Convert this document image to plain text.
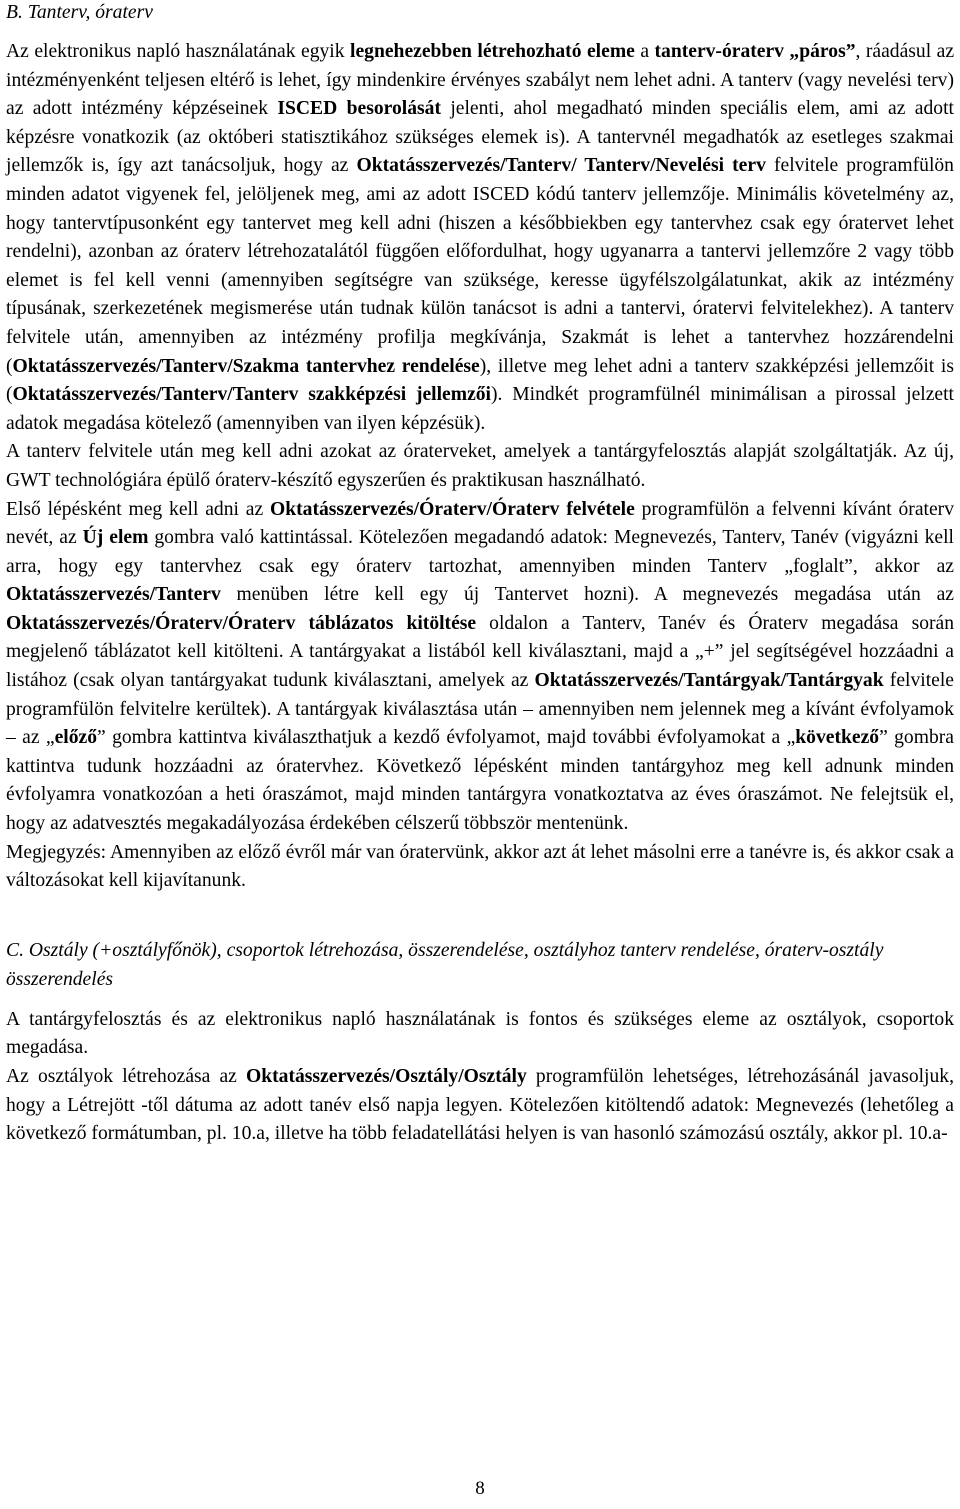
B. Tanterv, óraterv

Az elektronikus napló használatának egyik legnehezebben létrehozható eleme a tanterv-óraterv „páros”, ráadásul az intézményenként teljesen eltérő is lehet, így mindenkire érvényes szabályt nem lehet adni. A tanterv (vagy nevelési terv) az adott intézmény képzéseinek ISCED besorolását jelenti, ahol megadható minden speciális elem, ami az adott képzésre vonatkozik (az októberi statisztikához szükséges elemek is). A tantervnél megadhatók az esetleges szakmai jellemzők is, így azt tanácsoljuk, hogy az Oktatásszervezés/Tanterv/ Tanterv/Nevelési terv felvitele programfülön minden adatot vigyenek fel, jelöljenek meg, ami az adott ISCED kódú tanterv jellemzője. Minimális követelmény az, hogy tantervtípusonként egy tantervet meg kell adni (hiszen a későbbiekben egy tantervhez csak egy óratervet lehet rendelni), azonban az óraterv létrehozatalától függően előfordulhat, hogy ugyanarra a tantervi jellemzőre 2 vagy több elemet is fel kell venni (amennyiben segítségre van szüksége, keresse ügyfélszolgálatunkat, akik az intézmény típusának, szerkezetének megismerése után tudnak külön tanácsot is adni a tantervi, óratervi felvitelekhez). A tanterv felvitele után, amennyiben az intézmény profilja megkívánja, Szakmát is lehet a tantervhez hozzárendelni (Oktatásszervezés/Tanterv/Szakma tantervhez rendelése), illetve meg lehet adni a tanterv szakképzési jellemzőit is (Oktatásszervezés/Tanterv/Tanterv szakképzési jellemzői). Mindkét programfülnél minimálisan a pirossal jelzett adatok megadása kötelező (amennyiben van ilyen képzésük).

A tanterv felvitele után meg kell adni azokat az óraterveket, amelyek a tantárgyfelosztás alapját szolgáltatják. Az új, GWT technológiára épülő óraterv-készítő egyszerűen és praktikusan használható.

Első lépésként meg kell adni az Oktatásszervezés/Óraterv/Óraterv felvétele programfülön a felvenni kívánt óraterv nevét, az Új elem gombra való kattintással. Kötelezően megadandó adatok: Megnevezés, Tanterv, Tanév (vigyázni kell arra, hogy egy tantervhez csak egy óraterv tartozhat, amennyiben minden Tanterv „foglalt”, akkor az Oktatásszervezés/Tanterv menüben létre kell egy új Tantervet hozni). A megnevezés megadása után az Oktatásszervezés/Óraterv/Óraterv táblázatos kitöltése oldalon a Tanterv, Tanév és Óraterv megadása során megjelenő táblázatot kell kitölteni. A tantárgyakat a listából kell kiválasztani, majd a „+” jel segítségével hozzáadni a listához (csak olyan tantárgyakat tudunk kiválasztani, amelyek az Oktatásszervezés/Tantárgyak/Tantárgyak felvitele programfülön felvitelre kerültek). A tantárgyak kiválasztása után – amennyiben nem jelennek meg a kívánt évfolyamok – az „előző” gombra kattintva kiválaszthatjuk a kezdő évfolyamot, majd további évfolyamokat a „következő” gombra kattintva tudunk hozzáadni az óratervhez. Következő lépésként minden tantárgyhoz meg kell adnunk minden évfolyamra vonatkozóan a heti óraszámot, majd minden tantárgyra vonatkoztatva az éves óraszámot. Ne felejtsük el, hogy az adatvesztés megakadályozása érdekében célszerű többször mentenünk.

Megjegyzés: Amennyiben az előző évről már van óratervünk, akkor azt át lehet másolni erre a tanévre is, és akkor csak a változásokat kell kijavítanunk.

C. Osztály (+osztályfőnök), csoportok létrehozása, összerendelése, osztályhoz tanterv rendelése, óraterv-osztály összerendelés

A tantárgyfelosztás és az elektronikus napló használatának is fontos és szükséges eleme az osztályok, csoportok megadása.

Az osztályok létrehozása az Oktatásszervezés/Osztály/Osztály programfülön lehetséges, létrehozásánál javasoljuk, hogy a Létrejött -től dátuma az adott tanév első napja legyen. Kötelezően kitöltendő adatok: Megnevezés (lehetőleg a következő formátumban, pl. 10.a, illetve ha több feladatellátási helyen is van hasonló számozású osztály, akkor pl. 10.a-

8
